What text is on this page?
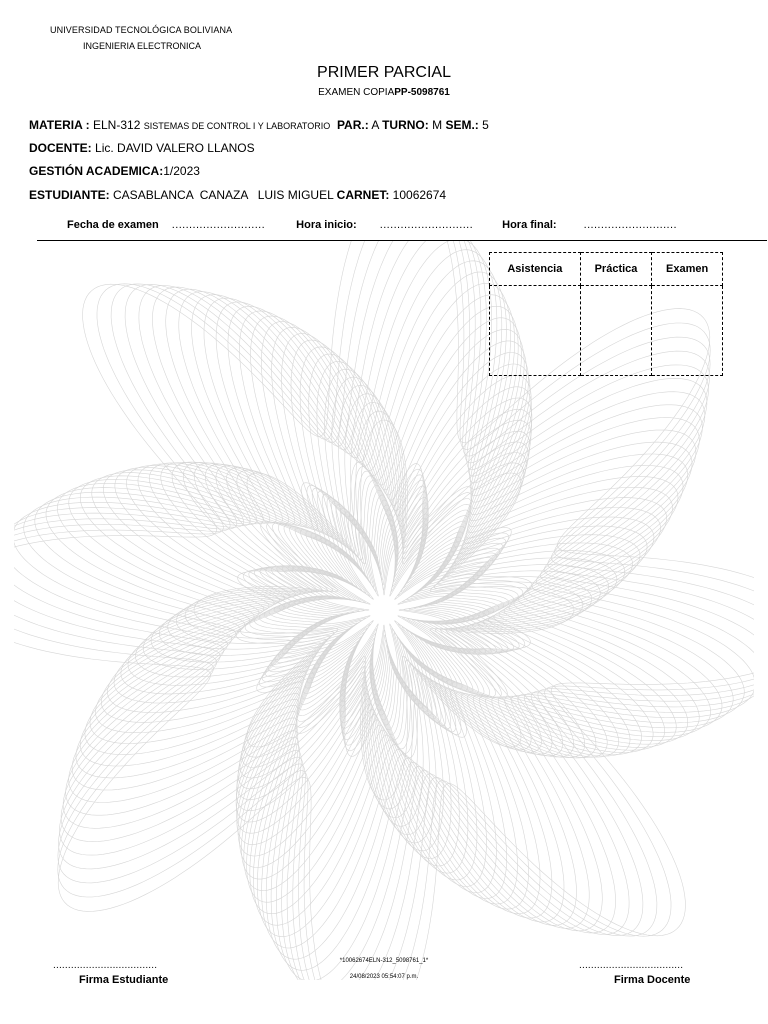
UNIVERSIDAD TECNOLÓGICA BOLIVIANA
INGENIERIA ELECTRONICA
PRIMER PARCIAL
EXAMEN COPIAPP-5098761
MATERIA : ELN-312 SISTEMAS DE CONTROL I Y LABORATORIO PAR.: A TURNO: M SEM.: 5
DOCENTE: Lic. DAVID VALERO LLANOS
GESTIÓN ACADEMICA:1/2023
ESTUDIANTE: CASABLANCA  CANAZA   LUIS MIGUEL CARNET: 10062674
Fecha de examen ...........................	Hora inicio: ...........................	Hora final: ...........................
Asistencia	Práctica	Examen

...................................	...................................
*10062674ELN-312_5098761_1*
24/08/2023 05:54:07 p.m.
Firma Estudiante	Firma Docente
